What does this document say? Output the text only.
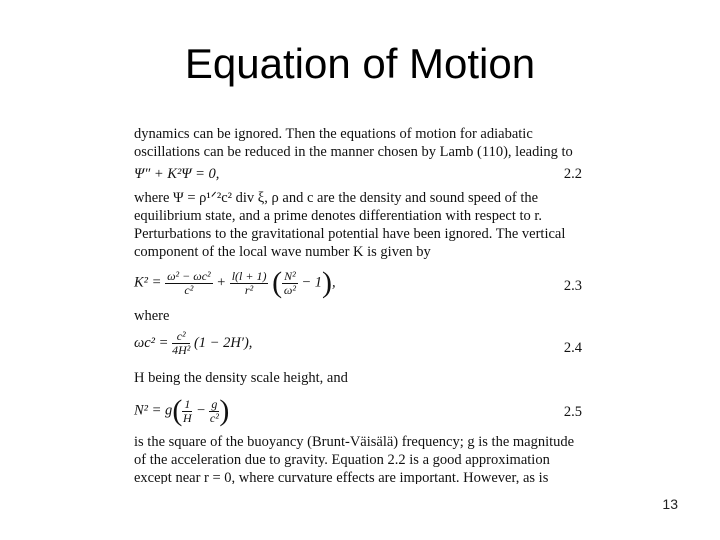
Equation of Motion
dynamics can be ignored. Then the equations of motion for adiabatic
oscillations can be reduced in the manner chosen by Lamb (110), leading to
Ψ″ + K²Ψ = 0,	2.2
where Ψ = ρ¹ᐟ²c² div ξ, ρ and c are the density and sound speed of the
equilibrium state, and a prime denotes differentiation with respect to r.
Perturbations to the gravitational potential have been ignored. The vertical
component of the local wave number K is given by
$K^2 = \frac{\text{ω² − ωc²}}{\text{c²}} + \frac{l(l + 1)}{\text{r²}}$ ( $\frac{\text{N²}}{\text{ω²}} - 1$),	2.3
where
$\omega c^2 = \frac{\text{c²}}{\text{4H²}} (1 - 2H')$,	2.4
H being the density scale height, and
$N^2 = g( \frac{1}{H} - \frac{g}{\text{c²}}$ )	2.5
is the square of the buoyancy (Brunt-Väisälä) frequency; g is the magnitude
of the acceleration due to gravity. Equation 2.2 is a good approximation
except near r = 0, where curvature effects are important. However, as is
13
